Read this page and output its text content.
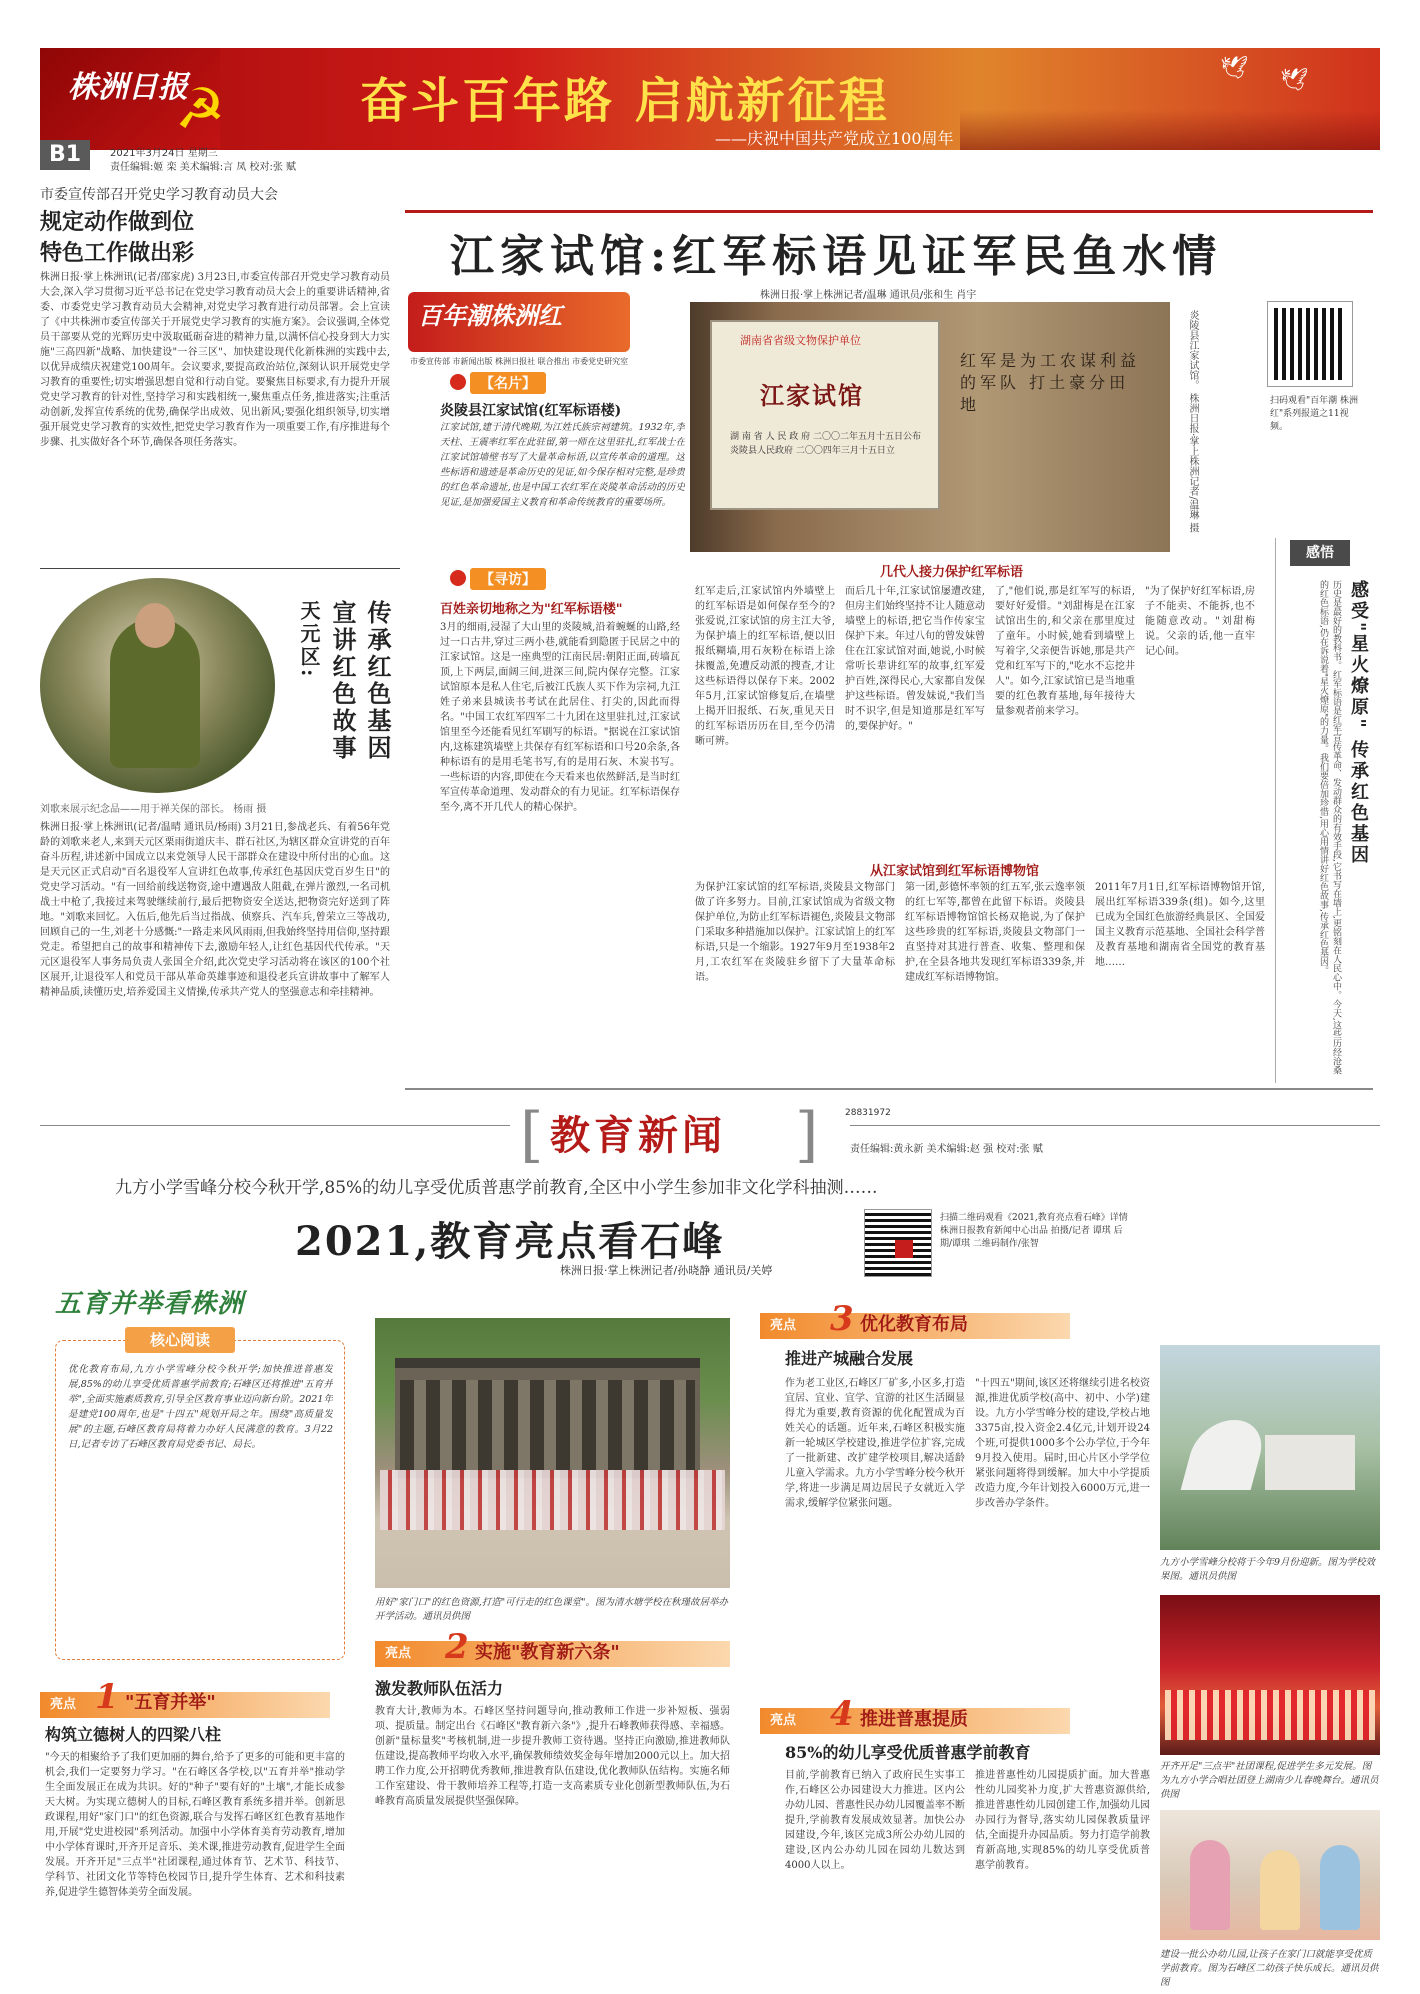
☭
株洲日报	奋斗百年路 启航新征程
——庆祝中国共产党成立100周年
🕊 🕊
B1	2021年3月24日 星期三
责任编辑:姬 栾 美术编辑:言 凤 校对:张 赋
市委宣传部召开党史学习教育动员大会
规定动作做到位
特色工作做出彩
株洲日报·掌上株洲讯(记者/邵家虎) 3月23日,市委宣传部召开党史学习教育动员大会,深入学习贯彻习近平总书记在党史学习教育动员大会上的重要讲话精神,省委、市委党史学习教育动员大会精神,对党史学习教育进行动员部署。会上宣读了《中共株洲市委宣传部关于开展党史学习教育的实施方案》。会议强调,全体党员干部要从党的光辉历史中汲取砥砺奋进的精神力量,以满怀信心投身到大力实施"三高四新"战略、加快建设"一谷三区"、加快建设现代化新株洲的实践中去,以优异成绩庆祝建党100周年。会议要求,要提高政治站位,深刻认识开展党史学习教育的重要性;切实增强思想自觉和行动自觉。要聚焦目标要求,有力提升开展党史学习教育的针对性,坚持学习和实践相统一,聚焦重点任务,推进落实;注重活动创新,发挥宣传系统的优势,确保学出成效、见出新风;要强化组织领导,切实增强开展党史学习教育的实效性,把党史学习教育作为一项重要工作,有序推进每个步骤、扎实做好各个环节,确保各项任务落实。
天元区: 宣讲红色故事 传承红色基因
刘歌来展示纪念品——用于禅关保的部长。 杨雨 摄
株洲日报·掌上株洲讯(记者/温晴 通讯员/杨雨) 3月21日,参战老兵、有着56年党龄的刘歌来老人,来到天元区栗雨街道庆丰、群石社区,为辖区群众宣讲党的百年奋斗历程,讲述新中国成立以来党领导人民干部群众在建设中所付出的心血。这是天元区正式启动"百名退役军人宣讲红色故事,传承红色基因庆党百岁生日"的党史学习活动。"有一回给前线送物资,途中遭遇敌人阻截,在弹片激烈,一名司机战士中枪了,我接过来驾驶继续前行,最后把物资安全送达,把物资完好送到了阵地。"刘歌来回忆。入伍后,他先后当过指战、侦察兵、汽车兵,曾荣立三等战功,回顾自己的一生,刘老十分感慨:"一路走来风风雨雨,但我始终坚持用信仰,坚持跟党走。希望把自己的故事和精神传下去,激励年轻人,让红色基因代代传承。"天元区退役军人事务局负责人张国全介绍,此次党史学习活动将在该区的100个社区展开,让退役军人和党员干部从革命英雄事迹和退役老兵宣讲故事中了解军人精神品质,读懂历史,培养爱国主义情操,传承共产党人的坚强意志和牵挂精神。
江家试馆:红军标语见证军民鱼水情
株洲日报·掌上株洲记者/温琳 通讯员/张和生 肖宇
扫码观看"百年潮 株洲红"系列报道之11视频。
百年潮株洲红
市委宣传部 市新闻出版 株洲日报社 联合推出 市委党史研究室
【名片】
炎陵县江家试馆(红军标语楼)
江家试馆,建于清代晚期,为江姓氏族宗祠建筑。1932年,李天柱、王震率红军在此驻留,第一师在这里驻扎,红军战士在江家试馆墙壁书写了大量革命标语,以宣传革命的道理。这些标语和遗迹是革命历史的见证,如今保存相对完整,是珍贵的红色革命遗址,也是中国工农红军在炎陵革命活动的历史见证,是加强爱国主义教育和革命传统教育的重要场所。
【寻访】
百姓亲切地称之为"红军标语楼"
3月的细雨,浸湿了大山里的炎陵城,沿着蜿蜒的山路,经过一口古井,穿过三两小巷,就能看到隐匿于民居之中的江家试馆。这是一座典型的江南民居:朝阳正面,砖墙瓦顶,上下两层,面阔三间,进深三间,院内保存完整。江家试馆原本是私人住宅,后被江氏族人买下作为宗祠,九江姓子弟来县城读书考试在此居住、打尖的,因此而得名。"中国工农红军四军二十九团在这里驻扎过,江家试馆里至今还能看见红军刷写的标语。"据说在江家试馆内,这栋建筑墙壁上共保存有红军标语和口号20余条,各种标语有的是用毛笔书写,有的是用石灰、木炭书写。一些标语的内容,即使在今天看来也依然鲜活,是当时红军宣传革命道理、发动群众的有力见证。红军标语保存至今,离不开几代人的精心保护。
湖南省省级文物保护单位
江家试馆
湖 南 省 人 民 政 府 二〇〇二年五月十五日公布 炎陵县人民政府 二〇〇四年三月十五日立
红军是为工农谋利益的军队 打土豪分田地	炎陵县江家试馆。 株洲日报·掌上株洲记者/温琳 摄
几代人接力保护红军标语
红军走后,江家试馆内外墙壁上的红军标语是如何保存至今的?张爱说,江家试馆的房主江大爷,为保护墙上的红军标语,便以旧报纸糊墙,用石灰粉在标语上涂抹覆盖,免遭反动派的搜查,才让这些标语得以保存下来。2002年5月,江家试馆修复后,在墙壁上揭开旧报纸、石灰,重见天日的红军标语历历在目,至今仍清晰可辨。
而后几十年,江家试馆屡遭改建,但房主们始终坚持不让人随意动墙壁上的标语,把它当作传家宝保护下来。年过八旬的曾发妹曾住在江家试馆对面,她说,小时候常听长辈讲红军的故事,红军爱护百姓,深得民心,大家都自发保护这些标语。曾发妹说,"我们当时不识字,但是知道那是红军写的,要保护好。"
了,"他们说,那是红军写的标语,要好好爱惜。"刘甜梅是在江家试馆出生的,和父亲在那里度过了童年。小时候,她看到墙壁上写着字,父亲便告诉她,那是共产党和红军写下的,"吃水不忘挖井人"。如今,江家试馆已是当地重要的红色教育基地,每年接待大量参观者前来学习。
"为了保护好红军标语,房子不能卖、不能拆,也不能随意改动。"刘甜梅说。父亲的话,他一直牢记心间。
从江家试馆到红军标语博物馆
为保护江家试馆的红军标语,炎陵县文物部门做了许多努力。目前,江家试馆成为省级文物保护单位,为防止红军标语褪色,炎陵县文物部门采取多种措施加以保护。江家试馆上的红军标语,只是一个缩影。1927年9月至1938年2月,工农红军在炎陵驻乡留下了大量革命标语。
第一团,彭德怀率领的红五军,张云逸率领的红七军等,都曾在此留下标语。炎陵县红军标语博物馆馆长杨双艳说,为了保护这些珍贵的红军标语,炎陵县文物部门一直坚持对其进行普查、收集、整理和保护,在全县各地共发现红军标语339条,并建成红军标语博物馆。
2011年7月1日,红军标语博物馆开馆,展出红军标语339条(组)。如今,这里已成为全国红色旅游经典景区、全国爱国主义教育示范基地、全国社会科学普及教育基地和湖南省全国党的教育基地……
感悟
感受"星火燎原" 传承红色基因
历史是最好的教科书。红军标语是红军宣传革命、发动群众的有效手段,它书写在墙上,更铭刻在人民心中。今天,这些历经沧桑的红色标语,仍在诉说着"星火燎原"的力量。我们要倍加珍惜,用心用情讲好红色故事,传承红色基因。
[ 教育新闻 ]	28831972
责任编辑:黄永新 美术编辑:赵 强 校对:张 赋
九方小学雪峰分校今秋开学,85%的幼儿享受优质普惠学前教育,全区中小学生参加非文化学科抽测……
2021,教育亮点看石峰	扫描二维码观看《2021,教育亮点看石峰》详情 株洲日报教育新闻中心出品 拍摄/记者 谭琪 后期/谭琪 二维码制作/张智
株洲日报·掌上株洲记者/孙晓静 通讯员/关婷
五育并举看株洲
核心阅读
优化教育布局,九方小学雪峰分校今秋开学;加快推进普惠发展,85%的幼儿享受优质普惠学前教育;石峰区还将推进"五育并举",全面实施素质教育,引导全区教育事业迈向新台阶。2021年是建党100周年,也是"十四五"规划开局之年。围绕"高质量发展"的主题,石峰区教育局将着力办好人民满意的教育。3月22日,记者专访了石峰区教育局党委书记、局长。
亮点 1 "五育并举"
构筑立德树人的四梁八柱
"今天的相聚给予了我们更加丽的舞台,给予了更多的可能和更丰富的机会,我们一定要努力学习。"在石峰区各学校,以"五育并举"推动学生全面发展正在成为共识。好的"种子"要有好的"土壤",才能长成参天大树。为实现立德树人的目标,石峰区教育系统多措并举。创新思政课程,用好"家门口"的红色资源,联合与发挥石峰区红色教育基地作用,开展"党史进校园"系列活动。加强中小学体育美育劳动教育,增加中小学体育课时,开齐开足音乐、美术课,推进劳动教育,促进学生全面发展。开齐开足"三点半"社团课程,通过体育节、艺术节、科技节、学科节、社团文化节等特色校园节日,提升学生体育、艺术和科技素养,促进学生德智体美劳全面发展。
用好"家门口"的红色资源,打造"可行走的红色课堂"。图为清水塘学校在秋瑾故居举办开学活动。通讯员供图
亮点 2 实施"教育新六条"
激发教师队伍活力
教育大计,教师为本。石峰区坚持问题导向,推动教师工作进一步补短板、强弱项、提质量。制定出台《石峰区"教育新六条"》,提升石峰教师获得感、幸福感。创新"量标量奖"考核机制,进一步提升教师工资待遇。坚持正向激励,推进教师队伍建设,提高教师平均收入水平,确保教师绩效奖金每年增加2000元以上。加大招聘工作力度,公开招聘优秀教师,推进教育队伍建设,优化教师队伍结构。实施名师工作室建设、骨干教师培养工程等,打造一支高素质专业化创新型教师队伍,为石峰教育高质量发展提供坚强保障。
亮点 3 优化教育布局
推进产城融合发展
作为老工业区,石峰区厂矿多,小区多,打造宜居、宜业、宜学、宜游的社区生活圈显得尤为重要,教育资源的优化配置成为百姓关心的话题。近年来,石峰区积极实施新一轮城区学校建设,推进学位扩容,完成了一批新建、改扩建学校项目,解决适龄儿童入学需求。九方小学雪峰分校今秋开学,将进一步满足周边居民子女就近入学需求,缓解学位紧张问题。
"十四五"期间,该区还将继续引进名校资源,推进优质学校(高中、初中、小学)建设。九方小学雪峰分校的建设,学校占地3375亩,投入资金2.4亿元,计划开设24个班,可提供1000多个公办学位,于今年9月投入使用。届时,田心片区小学学位紧张问题将得到缓解。加大中小学提质改造力度,今年计划投入6000万元,进一步改善办学条件。
九方小学雪峰分校将于今年9月份迎新。图为学校效果图。通讯员供图
开齐开足"三点半"社团课程,促进学生多元发展。图为九方小学合唱社团登上湖南少儿春晚舞台。通讯员供图
亮点 4 推进普惠提质
85%的幼儿享受优质普惠学前教育
目前,学前教育已纳入了政府民生实事工作,石峰区公办园建设大力推进。区内公办幼儿园、普惠性民办幼儿园覆盖率不断提升,学前教育发展成效显著。加快公办园建设,今年,该区完成3所公办幼儿园的建设,区内公办幼儿园在园幼儿数达到4000人以上。
推进普惠性幼儿园提质扩面。加大普惠性幼儿园奖补力度,扩大普惠资源供给,推进普惠性幼儿园创建工作,加强幼儿园办园行为督导,落实幼儿园保教质量评估,全面提升办园品质。努力打造学前教育新高地,实现85%的幼儿享受优质普惠学前教育。
建设一批公办幼儿园,让孩子在家门口就能享受优质学前教育。图为石峰区二幼孩子快乐成长。通讯员供图
